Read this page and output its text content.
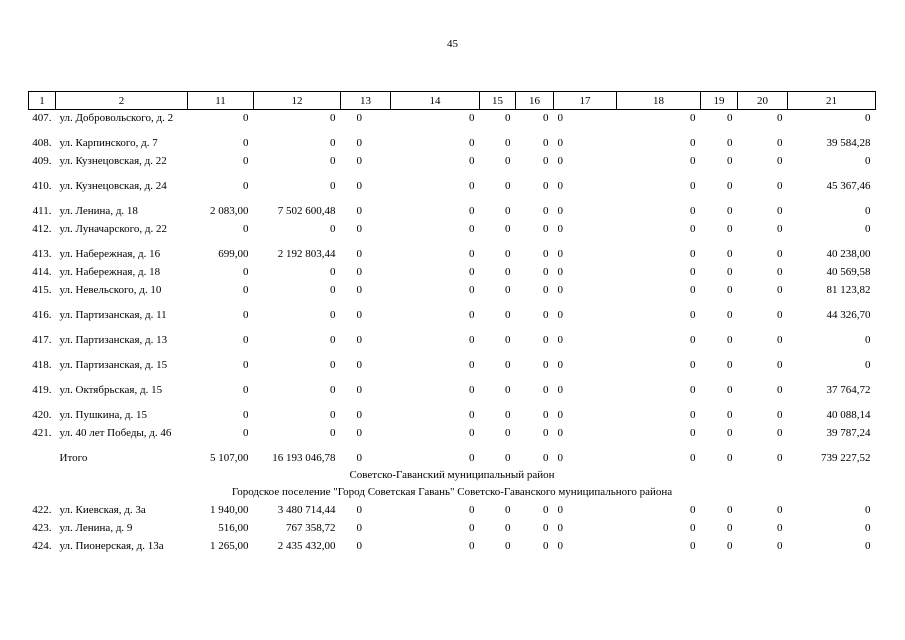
45
1	2	11	12	13	14	15	16	17	18	19	20	21
407.	ул. Добровольского, д. 2	0	0	0	0	0	0	0	0	0	0	0
408.	ул. Карпинского, д. 7	0	0	0	0	0	0	0	0	0	0	39 584,28
409.	ул. Кузнецовская, д. 22	0	0	0	0	0	0	0	0	0	0	0
410.	ул. Кузнецовская, д. 24	0	0	0	0	0	0	0	0	0	0	45 367,46
411.	ул. Ленина, д. 18	2 083,00	7 502 600,48	0	0	0	0	0	0	0	0	0
412.	ул. Луначарского, д. 22	0	0	0	0	0	0	0	0	0	0	0
413.	ул. Набережная, д. 16	699,00	2 192 803,44	0	0	0	0	0	0	0	0	40 238,00
414.	ул. Набережная, д. 18	0	0	0	0	0	0	0	0	0	0	40 569,58
415.	ул. Невельского, д. 10	0	0	0	0	0	0	0	0	0	0	81 123,82
416.	ул. Партизанская, д. 11	0	0	0	0	0	0	0	0	0	0	44 326,70
417.	ул. Партизанская, д. 13	0	0	0	0	0	0	0	0	0	0	0
418.	ул. Партизанская, д. 15	0	0	0	0	0	0	0	0	0	0	0
419.	ул. Октябрьская, д. 15	0	0	0	0	0	0	0	0	0	0	37 764,72
420.	ул. Пушкина, д. 15	0	0	0	0	0	0	0	0	0	0	40 088,14
421.	ул. 40 лет Победы, д. 46	0	0	0	0	0	0	0	0	0	0	39 787,24
	Итого	5 107,00	16 193 046,78	0	0	0	0	0	0	0	0	739 227,52
Советско-Гаванский муниципальный район												
Городское поселение "Город Советская Гавань" Советско-Гаванского муниципального района												
422.	ул. Киевская, д. 3а	1 940,00	3 480 714,44	0	0	0	0	0	0	0	0	0
423.	ул. Ленина, д. 9	516,00	767 358,72	0	0	0	0	0	0	0	0	0
424.	ул. Пионерская, д. 13а	1 265,00	2 435 432,00	0	0	0	0	0	0	0	0	0
